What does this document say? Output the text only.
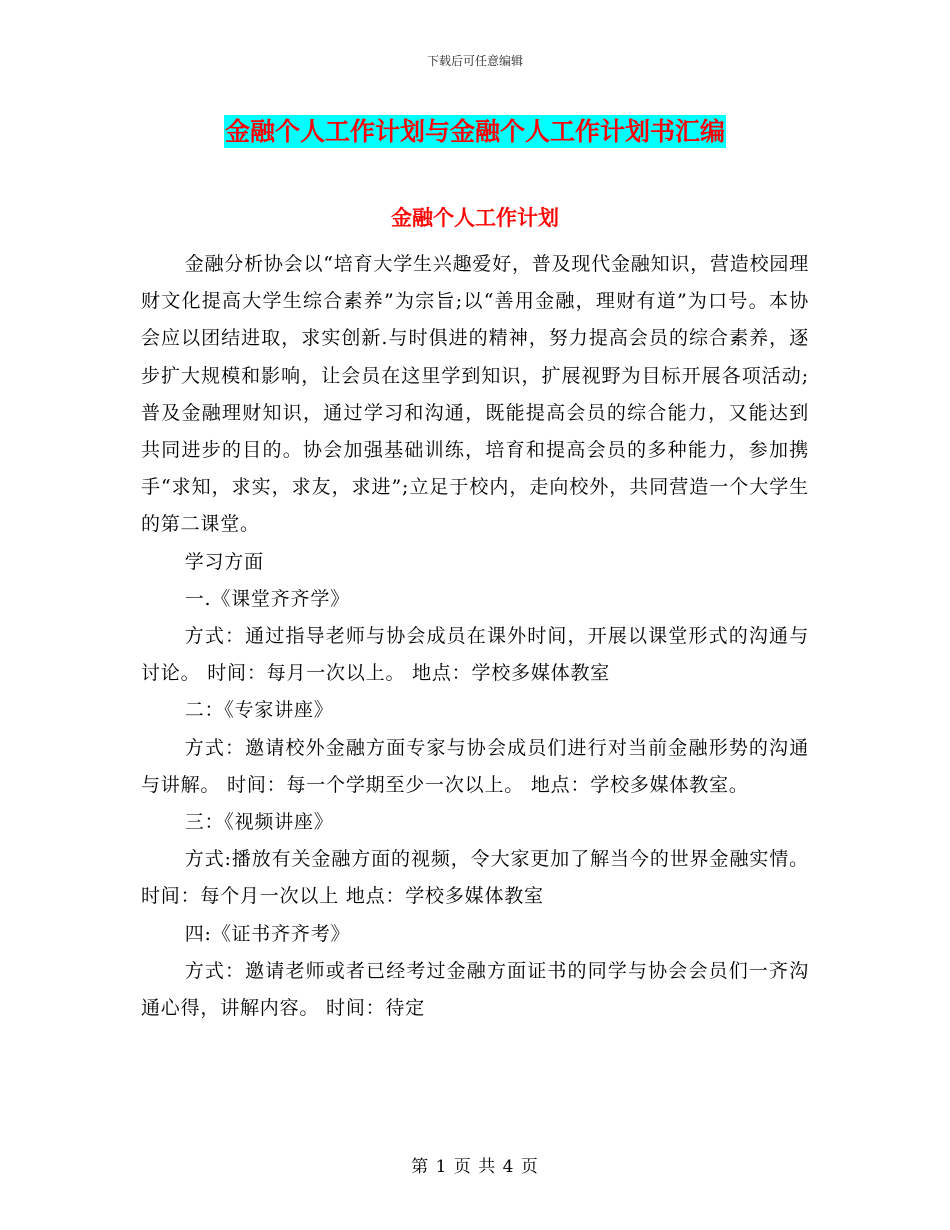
下载后可任意编辑
金融个人工作计划与金融个人工作计划书汇编
金融个人工作计划

金融分析协会以“培育大学生兴趣爱好，普及现代金融知识，营造校园理财文化提高大学生综合素养”为宗旨;以“善用金融，理财有道”为口号。本协会应以团结进取，求实创新.与时俱进的精神，努力提高会员的综合素养，逐步扩大规模和影响，让会员在这里学到知识，扩展视野为目标开展各项活动;普及金融理财知识，通过学习和沟通，既能提高会员的综合能力，又能达到共同进步的目的。协会加强基础训练，培育和提高会员的多种能力，参加携手“求知，求实，求友，求进”;立足于校内，走向校外，共同营造一个大学生的第二课堂。

学习方面

一.《课堂齐齐学》

方式：通过指导老师与协会成员在课外时间，开展以课堂形式的沟通与讨论。 时间：每月一次以上。 地点：学校多媒体教室

二：《专家讲座》

方式：邀请校外金融方面专家与协会成员们进行对当前金融形势的沟通与讲解。 时间：每一个学期至少一次以上。 地点：学校多媒体教室。

三：《视频讲座》

方式:播放有关金融方面的视频，令大家更加了解当今的世界金融实情。 时间：每个月一次以上 地点：学校多媒体教室

四:《证书齐齐考》

方式：邀请老师或者已经考过金融方面证书的同学与协会会员们一齐沟通心得，讲解内容。 时间：待定

第 1 页 共 4 页
